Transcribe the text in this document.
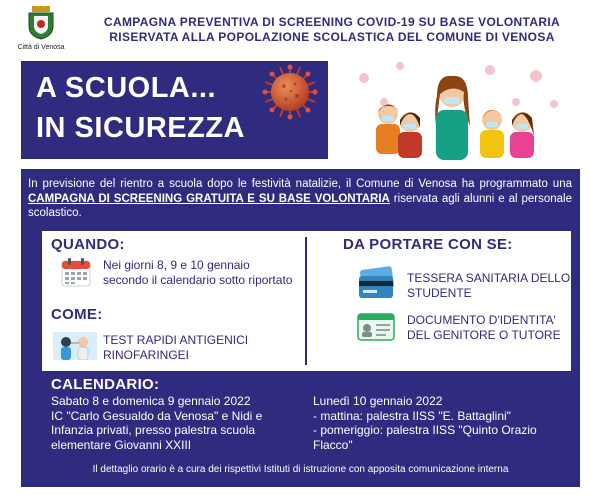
Città di Venosa
CAMPAGNA PREVENTIVA DI SCREENING COVID-19 SU BASE VOLONTARIA
RISERVATA ALLA POPOLAZIONE SCOLASTICA DEL COMUNE DI VENOSA
A SCUOLA...
IN SICUREZZA
In previsione del rientro a scuola dopo le festività natalizie, il Comune di Venosa ha programmato una CAMPAGNA DI SCREENING GRATUITA E SU BASE VOLONTARIA riservata agli alunni e al personale scolastico.
QUANDO:
Nei giorni 8, 9 e 10 gennaio secondo il calendario sotto riportato
COME:
TEST RAPIDI ANTIGENICI RINOFARINGEI
DA PORTARE CON SE:
TESSERA SANITARIA DELLO STUDENTE
DOCUMENTO D'IDENTITA' DEL GENITORE O TUTORE
CALENDARIO:
Sabato 8 e domenica 9 gennaio 2022
IC "Carlo Gesualdo da Venosa" e Nidi e Infanzia privati, presso palestra scuola elementare Giovanni XXIII
Lunedì 10 gennaio 2022
- mattina: palestra IISS "E. Battaglini"
- pomeriggio: palestra IISS "Quinto Orazio Flacco"
Il dettaglio orario è a cura dei rispettivi Istituti di istruzione con apposita comunicazione interna
